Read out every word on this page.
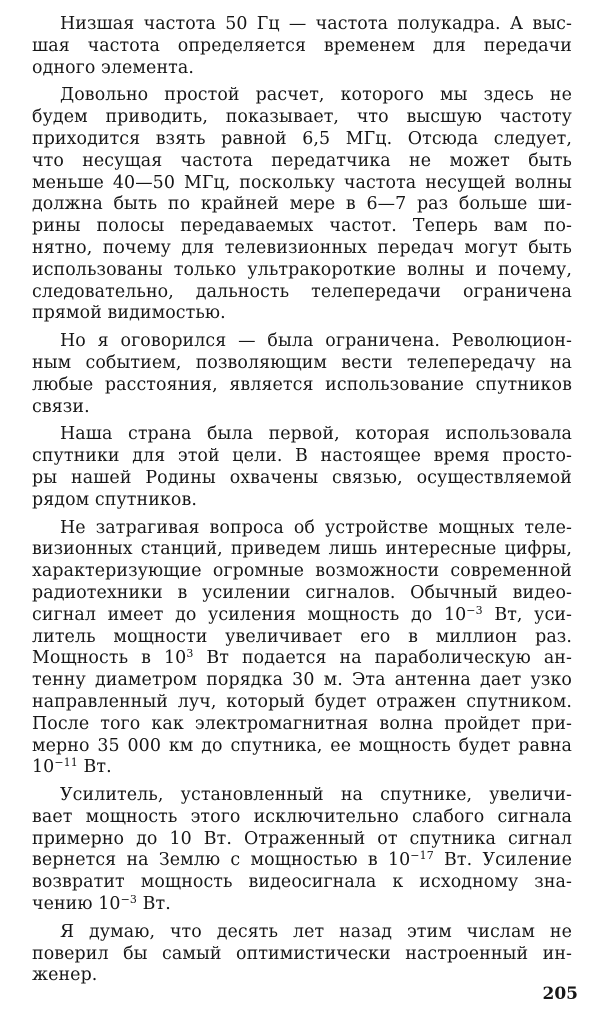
Низшая частота 50 Гц — частота полукадра. А выс-
шая частота определяется временем для передачи
одного элемента.

Довольно простой расчет, которого мы здесь не
будем приводить, показывает, что высшую частоту
приходится взять равной 6,5 МГц. Отсюда следует,
что несущая частота передатчика не может быть
меньше 40—50 МГц, поскольку частота несущей волны
должна быть по крайней мере в 6—7 раз больше ши-
рины полосы передаваемых частот. Теперь вам по-
нятно, почему для телевизионных передач могут быть
использованы только ультракороткие волны и почему,
следовательно, дальность телепередачи ограничена
прямой видимостью.

Но я оговорился — была ограничена. Революцион-
ным событием, позволяющим вести телепередачу на
любые расстояния, является использование спутников
связи.

Наша страна была первой, которая использовала
спутники для этой цели. В настоящее время просто-
ры нашей Родины охвачены связью, осуществляемой
рядом спутников.

Не затрагивая вопроса об устройстве мощных теле-
визионных станций, приведем лишь интересные цифры,
характеризующие огромные возможности современной
радиотехники в усилении сигналов. Обычный видео-
сигнал имеет до усиления мощность до $10^{-3}$ Вт, уси-
литель мощности увеличивает его в миллион раз.
Мощность в $10^3$ Вт подается на параболическую ан-
тенну диаметром порядка 30 м. Эта антенна дает узко
направленный луч, который будет отражен спутником.
После того как электромагнитная волна пройдет при-
мерно 35 000 км до спутника, ее мощность будет равна
$10^{-11}$ Вт.

Усилитель, установленный на спутнике, увеличи-
вает мощность этого исключительно слабого сигнала
примерно до 10 Вт. Отраженный от спутника сигнал
вернется на Землю с мощностью в $10^{-17}$ Вт. Усиление
возвратит мощность видеосигнала к исходному зна-
чению $10^{-3}$ Вт.

Я думаю, что десять лет назад этим числам не
поверил бы самый оптимистически настроенный ин-
женер.

205
